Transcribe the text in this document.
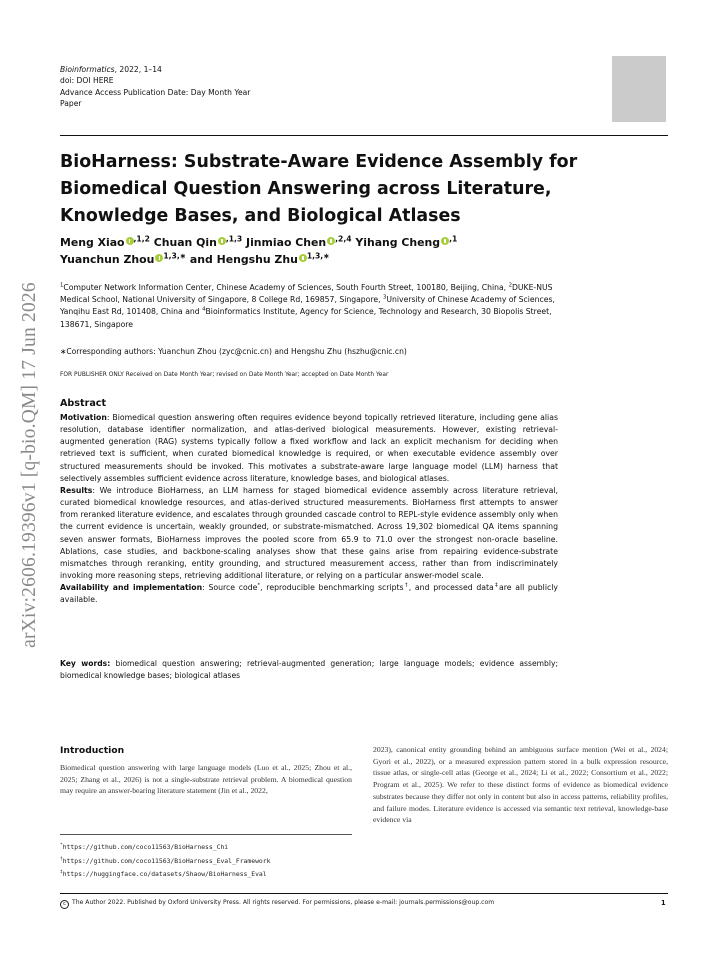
arXiv:2606.19396v1 [q-bio.QM] 17 Jun 2026
Bioinformatics, 2022, 1–14
doi: DOI HERE
Advance Access Publication Date: Day Month Year
Paper
BioHarness: Substrate-Aware Evidence Assembly for
Biomedical Question Answering across Literature,
Knowledge Bases, and Biological Atlases
Meng Xiao $^{,1,2}$ Chuan Qin $^{,1,3}$ Jinmiao Chen $^{,2,4}$ Yihang Cheng $^{,1}$
Yuanchun Zhou $^{1,3,∗}$ and Hengshu Zhu $^{1,3,∗}$
$^1$Computer Network Information Center, Chinese Academy of Sciences, South Fourth Street, 100180, Beijing, China, $^2$DUKE-NUS Medical School, National University of Singapore, 8 College Rd, 169857, Singapore, $^3$University of Chinese Academy of Sciences, Yanqihu East Rd, 101408, China and $^4$Bioinformatics Institute, Agency for Science, Technology and Research, 30 Biopolis Street, 138671, Singapore
∗Corresponding authors: Yuanchun Zhou (zyc@cnic.cn) and Hengshu Zhu (hszhu@cnic.cn)
FOR PUBLISHER ONLY Received on Date Month Year; revised on Date Month Year; accepted on Date Month Year
Abstract

Motivation: Biomedical question answering often requires evidence beyond topically retrieved literature, including gene alias resolution, database identifier normalization, and atlas-derived biological measurements. However, existing retrieval-augmented generation (RAG) systems typically follow a fixed workflow and lack an explicit mechanism for deciding when retrieved text is sufficient, when curated biomedical knowledge is required, or when executable evidence assembly over structured measurements should be invoked. This motivates a substrate-aware large language model (LLM) harness that selectively assembles sufficient evidence across literature, knowledge bases, and biological atlases.

Results: We introduce BioHarness, an LLM harness for staged biomedical evidence assembly across literature retrieval, curated biomedical knowledge resources, and atlas-derived structured measurements. BioHarness first attempts to answer from reranked literature evidence, and escalates through grounded cascade control to REPL-style evidence assembly only when the current evidence is uncertain, weakly grounded, or substrate-mismatched. Across 19,302 biomedical QA items spanning seven answer formats, BioHarness improves the pooled score from 65.9 to 71.0 over the strongest non-oracle baseline. Ablations, case studies, and backbone-scaling analyses show that these gains arise from repairing evidence-substrate mismatches through reranking, entity grounding, and structured measurement access, rather than from indiscriminately invoking more reasoning steps, retrieving additional literature, or relying on a particular answer-model scale.

Availability and implementation: Source code*, reproducible benchmarking scripts†, and processed data‡are all publicly available.

Key words: biomedical question answering; retrieval-augmented generation; large language models; evidence assembly; biomedical knowledge bases; biological atlases
Introduction
Biomedical question answering with large language models (Luo et al., 2025; Zhou et al., 2025; Zhang et al., 2026) is not a single-substrate retrieval problem. A biomedical question may require an answer-bearing literature statement (Jin et al., 2022,
2023), canonical entity grounding behind an ambiguous surface mention (Wei et al., 2024; Gyori et al., 2022), or a measured expression pattern stored in a bulk expression resource, tissue atlas, or single-cell atlas (George et al., 2024; Li et al., 2022; Consortium et al., 2022; Program et al., 2025). We refer to these distinct forms of evidence as biomedical evidence substrates because they differ not only in content but also in access patterns, reliability profiles, and failure modes. Literature evidence is accessed via semantic text retrieval, knowledge-base evidence via
*https://github.com/coco11563/BioHarness_Chi
†https://github.com/coco11563/BioHarness_Eval_Framework
‡https://huggingface.co/datasets/Shaow/BioHarness_Eval
c The Author 2022. Published by Oxford University Press. All rights reserved. For permissions, please e-mail: journals.permissions@oup.com	1
